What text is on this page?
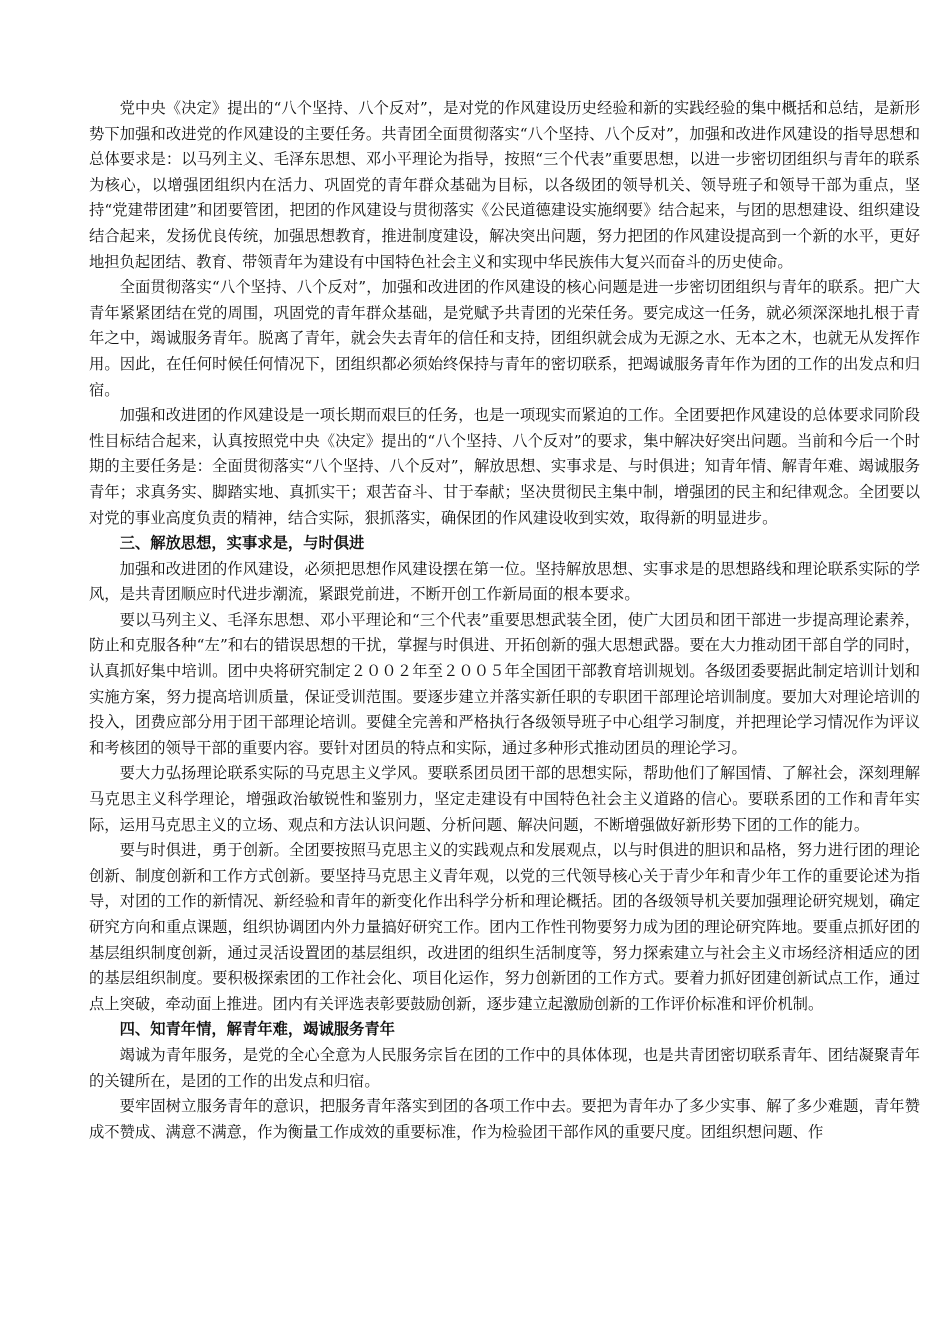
党中央《决定》提出的“八个坚持、八个反对”，是对党的作风建设历史经验和新的实践经验的集中概括和总结，是新形势下加强和改进党的作风建设的主要任务。共青团全面贯彻落实“八个坚持、八个反对”，加强和改进作风建设的指导思想和总体要求是：以马列主义、毛泽东思想、邓小平理论为指导，按照“三个代表”重要思想，以进一步密切团组织与青年的联系为核心，以增强团组织内在活力、巩固党的青年群众基础为目标，以各级团的领导机关、领导班子和领导干部为重点，坚持“党建带团建”和团要管团，把团的作风建设与贯彻落实《公民道德建设实施纲要》结合起来，与团的思想建设、组织建设结合起来，发扬优良传统，加强思想教育，推进制度建设，解决突出问题，努力把团的作风建设提高到一个新的水平，更好地担负起团结、教育、带领青年为建设有中国特色社会主义和实现中华民族伟大复兴而奋斗的历史使命。

全面贯彻落实“八个坚持、八个反对”，加强和改进团的作风建设的核心问题是进一步密切团组织与青年的联系。把广大青年紧紧团结在党的周围，巩固党的青年群众基础，是党赋予共青团的光荣任务。要完成这一任务，就必须深深地扎根于青年之中，竭诚服务青年。脱离了青年，就会失去青年的信任和支持，团组织就会成为无源之水、无本之木，也就无从发挥作用。因此，在任何时候任何情况下，团组织都必须始终保持与青年的密切联系，把竭诚服务青年作为团的工作的出发点和归宿。

加强和改进团的作风建设是一项长期而艰巨的任务，也是一项现实而紧迫的工作。全团要把作风建设的总体要求同阶段性目标结合起来，认真按照党中央《决定》提出的“八个坚持、八个反对”的要求，集中解决好突出问题。当前和今后一个时期的主要任务是：全面贯彻落实“八个坚持、八个反对”，解放思想、实事求是、与时俱进；知青年情、解青年难、竭诚服务青年；求真务实、脚踏实地、真抓实干；艰苦奋斗、甘于奉献；坚决贯彻民主集中制，增强团的民主和纪律观念。全团要以对党的事业高度负责的精神，结合实际，狠抓落实，确保团的作风建设收到实效，取得新的明显进步。

三、解放思想，实事求是，与时俱进

加强和改进团的作风建设，必须把思想作风建设摆在第一位。坚持解放思想、实事求是的思想路线和理论联系实际的学风，是共青团顺应时代进步潮流，紧跟党前进，不断开创工作新局面的根本要求。

要以马列主义、毛泽东思想、邓小平理论和“三个代表”重要思想武装全团，使广大团员和团干部进一步提高理论素养，防止和克服各种“左”和右的错误思想的干扰，掌握与时俱进、开拓创新的强大思想武器。要在大力推动团干部自学的同时，认真抓好集中培训。团中央将研究制定２００２年至２００５年全国团干部教育培训规划。各级团委要据此制定培训计划和实施方案，努力提高培训质量，保证受训范围。要逐步建立并落实新任职的专职团干部理论培训制度。要加大对理论培训的投入，团费应部分用于团干部理论培训。要健全完善和严格执行各级领导班子中心组学习制度，并把理论学习情况作为评议和考核团的领导干部的重要内容。要针对团员的特点和实际，通过多种形式推动团员的理论学习。

要大力弘扬理论联系实际的马克思主义学风。要联系团员团干部的思想实际，帮助他们了解国情、了解社会，深刻理解马克思主义科学理论，增强政治敏锐性和鉴别力，坚定走建设有中国特色社会主义道路的信心。要联系团的工作和青年实际，运用马克思主义的立场、观点和方法认识问题、分析问题、解决问题，不断增强做好新形势下团的工作的能力。

要与时俱进，勇于创新。全团要按照马克思主义的实践观点和发展观点，以与时俱进的胆识和品格，努力进行团的理论创新、制度创新和工作方式创新。要坚持马克思主义青年观，以党的三代领导核心关于青少年和青少年工作的重要论述为指导，对团的工作的新情况、新经验和青年的新变化作出科学分析和理论概括。团的各级领导机关要加强理论研究规划，确定研究方向和重点课题，组织协调团内外力量搞好研究工作。团内工作性刊物要努力成为团的理论研究阵地。要重点抓好团的基层组织制度创新，通过灵活设置团的基层组织，改进团的组织生活制度等，努力探索建立与社会主义市场经济相适应的团的基层组织制度。要积极探索团的工作社会化、项目化运作，努力创新团的工作方式。要着力抓好团建创新试点工作，通过点上突破，牵动面上推进。团内有关评选表彰要鼓励创新，逐步建立起激励创新的工作评价标准和评价机制。

四、知青年情，解青年难，竭诚服务青年

竭诚为青年服务，是党的全心全意为人民服务宗旨在团的工作中的具体体现，也是共青团密切联系青年、团结凝聚青年的关键所在，是团的工作的出发点和归宿。

要牢固树立服务青年的意识，把服务青年落实到团的各项工作中去。要把为青年办了多少实事、解了多少难题，青年赞成不赞成、满意不满意，作为衡量工作成效的重要标准，作为检验团干部作风的重要尺度。团组织想问题、作
